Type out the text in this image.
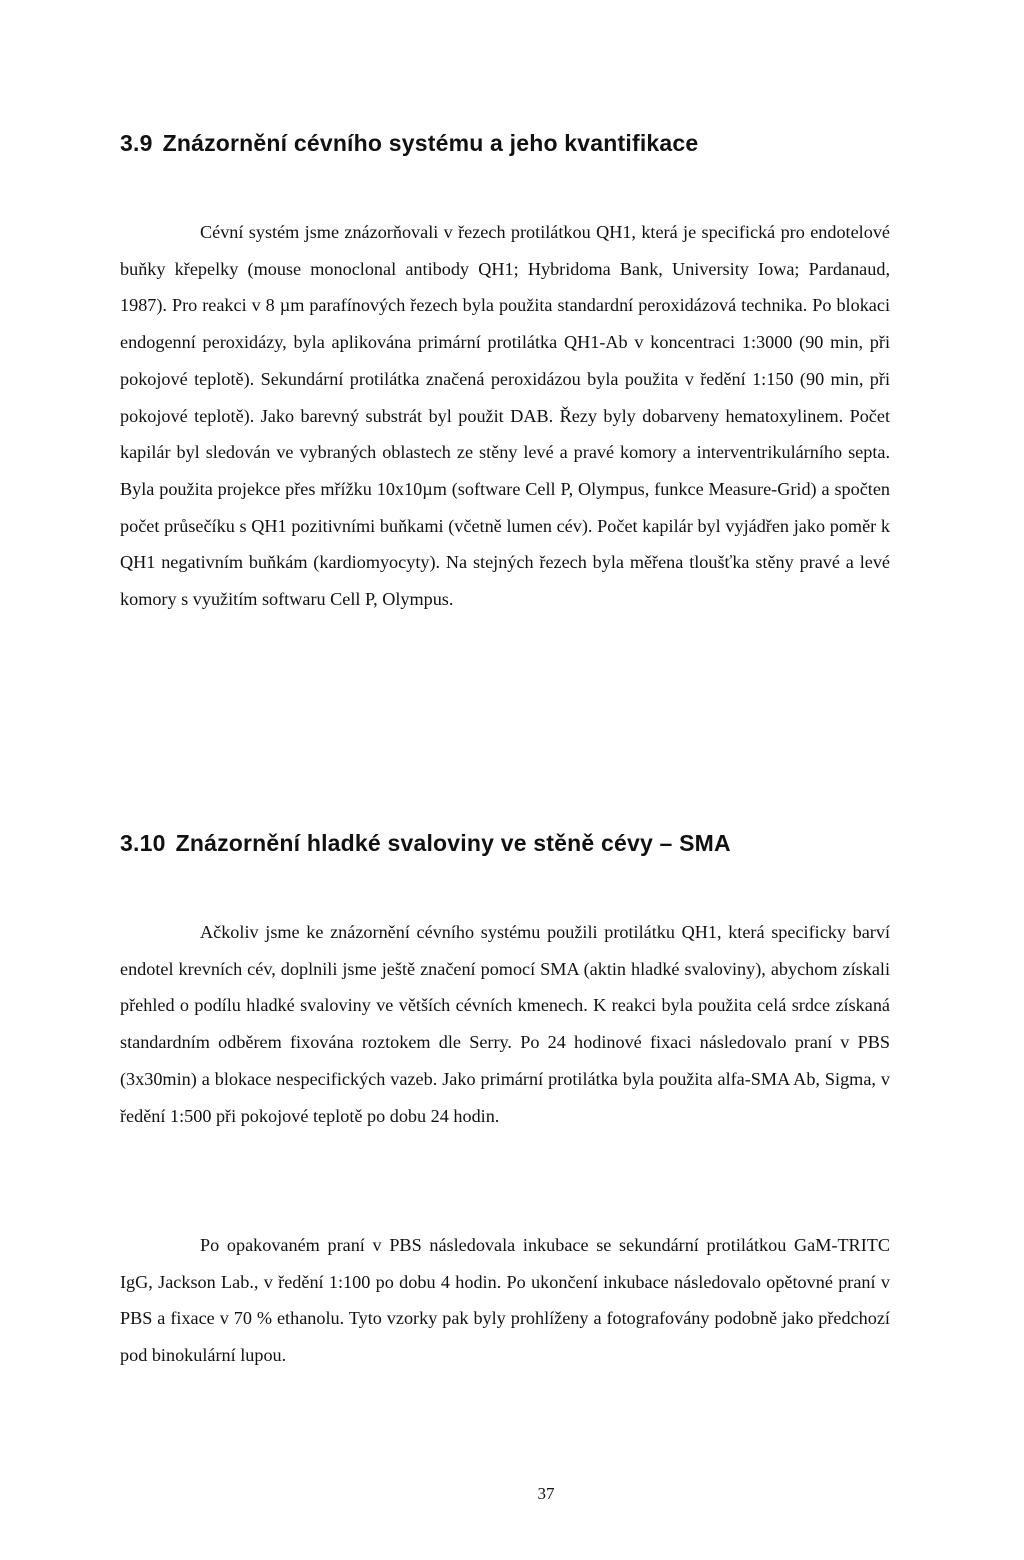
3.9 Znázornění cévního systému a jeho kvantifikace

Cévní systém jsme znázorňovali v řezech protilátkou QH1, která je specifická pro endotelové buňky křepelky (mouse monoclonal antibody QH1; Hybridoma Bank, University Iowa; Pardanaud, 1987). Pro reakci v 8 µm parafínových řezech byla použita standardní peroxidázová technika. Po blokaci endogenní peroxidázy, byla aplikována primární protilátka QH1-Ab v koncentraci 1:3000 (90 min, při pokojové teplotě). Sekundární protilátka značená peroxidázou byla použita v ředění 1:150 (90 min, při pokojové teplotě). Jako barevný substrát byl použit DAB. Řezy byly dobarveny hematoxylinem. Počet kapilár byl sledován ve vybraných oblastech ze stěny levé a pravé komory a interventrikulárního septa. Byla použita projekce přes mřížku 10x10µm (software Cell P, Olympus, funkce Measure-Grid) a spočten počet průsečíku s QH1 pozitivními buňkami (včetně lumen cév). Počet kapilár byl vyjádřen jako poměr k QH1 negativním buňkám (kardiomyocyty). Na stejných řezech byla měřena tloušťka stěny pravé a levé komory s využitím softwaru Cell P, Olympus.

3.10 Znázornění hladké svaloviny ve stěně cévy – SMA

Ačkoliv jsme ke znázornění cévního systému použili protilátku QH1, která specificky barví endotel krevních cév, doplnili jsme ještě značení pomocí SMA (aktin hladké svaloviny), abychom získali přehled o podílu hladké svaloviny ve větších cévních kmenech. K reakci byla použita celá srdce získaná standardním odběrem fixována roztokem dle Serry. Po 24 hodinové fixaci následovalo praní v PBS (3x30min) a blokace nespecifických vazeb. Jako primární protilátka byla použita alfa-SMA Ab, Sigma, v ředění 1:500 při pokojové teplotě po dobu 24 hodin.

Po opakovaném praní v PBS následovala inkubace se sekundární protilátkou GaM-TRITC IgG, Jackson Lab., v ředění 1:100 po dobu 4 hodin. Po ukončení inkubace následovalo opětovné praní v PBS a fixace v 70 % ethanolu. Tyto vzorky pak byly prohlíženy a fotografovány podobně jako předchozí pod binokulární lupou.

37
